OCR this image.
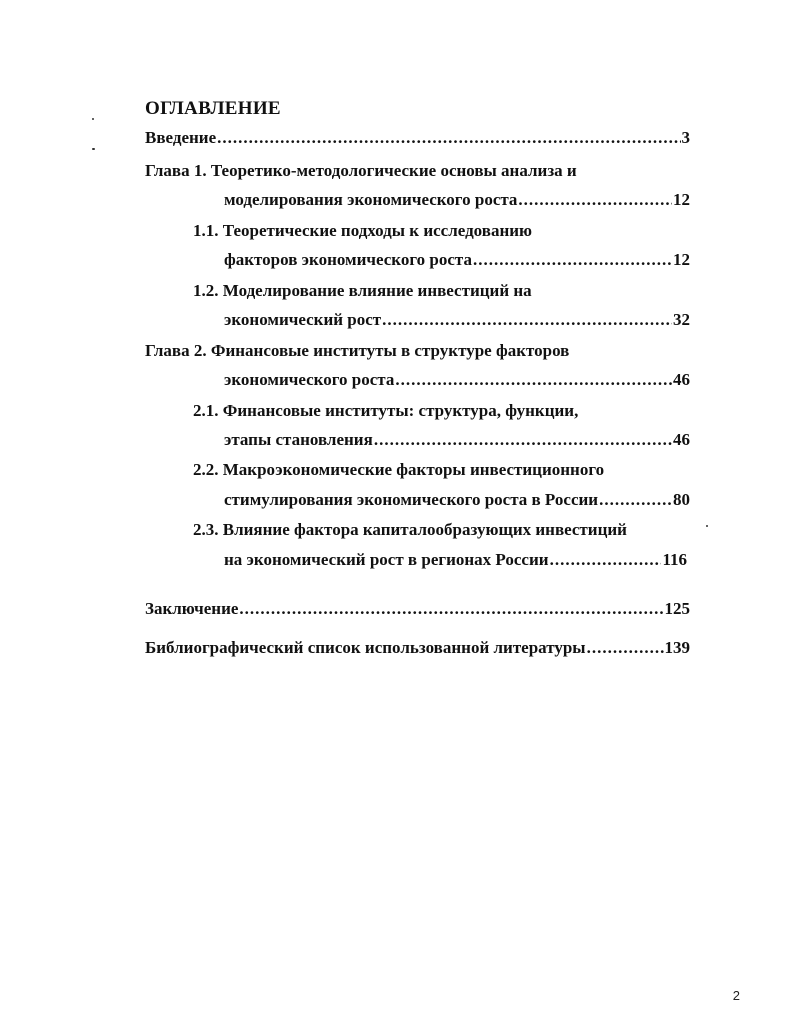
ОГЛАВЛЕНИЕ
Введение .....	3
Глава 1. Теоретико-методологические основы анализа и
моделирования экономического роста .....	12
1.1. Теоретические подходы к исследованию
факторов экономического роста .....	12
1.2. Моделирование влияние инвестиций на
экономический рост .....	32
Глава 2. Финансовые институты в структуре факторов
экономического роста .....	46
2.1. Финансовые институты: структура, функции,
этапы становления .....	46
2.2. Макроэкономические факторы инвестиционного
стимулирования экономического роста в России .....	80
2.3. Влияние фактора капиталообразующих инвестиций
на экономический рост в регионах России .....	116
Заключение .....	125
Библиографический список использованной литературы .....	139
2
